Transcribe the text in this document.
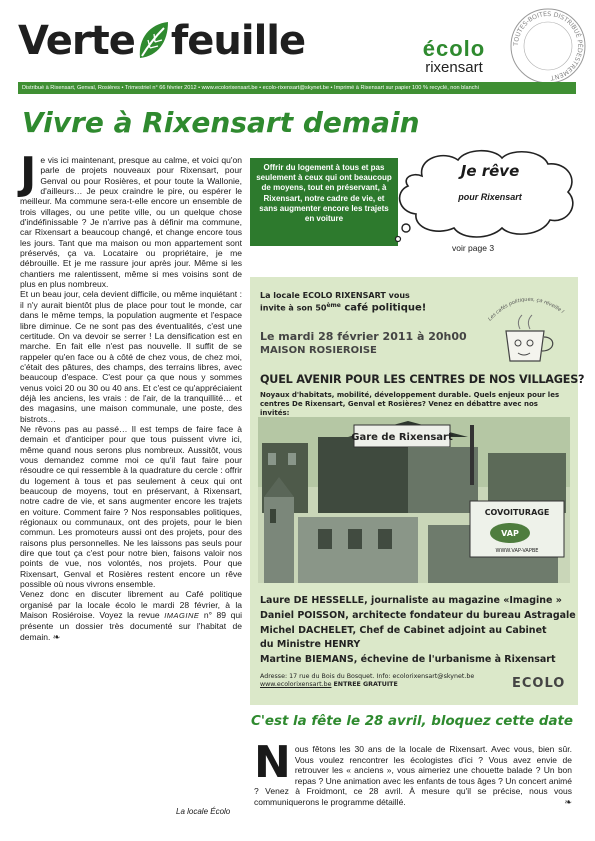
Verte feuille	écolo
rixensart
TOUTES-BOITES DISTRIBUÉ PÉDESTREMENT
Distribué à Rixensart, Genval, Rosières • Trimestriel n° 66 février 2012 • www.ecolorixensart.be • ecolo-rixensart@skynet.be • Imprimé à Rixensart sur papier 100 % recyclé, non blanchi
Vivre à Rixensart demain
J e vis ici maintenant, presque au calme, et voici qu'on parle de projets nouveaux pour Rixensart, pour Genval ou pour Rosières, et pour toute la Wallonie, d'ailleurs… Je peux craindre le pire, ou espérer le meilleur. Ma commune sera-t-elle encore un ensemble de trois villages, ou une petite ville, ou un quelque chose d'indéfinissable ? Je n'arrive pas à définir ma commune, car Rixensart a beaucoup changé, et change encore tous les jours. Tant que ma maison ou mon appartement sont préservés, ça va. Locataire ou propriétaire, je me débrouille. Et je me rassure jour après jour. Même si les chantiers me ralentissent, même si mes voisins sont de plus en plus nombreux.

Et un beau jour, cela devient difficile, ou même inquiétant : il n'y aurait bientôt plus de place pour tout le monde, car dans le même temps, la population augmente et l'espace libre diminue. Ce ne sont pas des éventualités, c'est une certitude. On va devoir se serrer ! La densification est en marche. En fait elle n'est pas nouvelle. Il suffit de se rappeler qu'en face ou à côté de chez vous, de chez moi, c'était des pâtures, des champs, des terrains libres, avec beaucoup d'espace. C'est pour ça que nous y sommes venus voici 20 ou 30 ou 40 ans. Et c'est ce qu'appréciaient déjà les anciens, les vrais : de l'air, de la tranquillité… et des magasins, une maison communale, une poste, des bistrots…

Ne rêvons pas au passé… Il est temps de faire face à demain et d'anticiper pour que tous puissent vivre ici, même quand nous serons plus nombreux. Aussitôt, vous vous demandez comme moi ce qu'il faut faire pour résoudre ce qui ressemble à la quadrature du cercle : offrir du logement à tous et pas seulement à ceux qui ont beaucoup de moyens, tout en préservant, à Rixensart, notre cadre de vie, et sans augmenter encore les trajets en voiture. Comment faire ? Nos responsables politiques, régionaux ou communaux, ont des projets, pour le bien commun. Les promoteurs aussi ont des projets, pour des raisons plus personnelles. Ne les laissons pas seuls pour dire que tout ça c'est pour notre bien, faisons valoir nos points de vue, nos volontés, nos projets. Pour que Rixensart, Genval et Rosières restent encore un rêve possible où nous vivrons ensemble.

Venez donc en discuter librement au Café politique organisé par la locale écolo le mardi 28 février, à la Maison Rosiéroise. Voyez la revue IMAGINE n° 89 qui présente un dossier très documenté sur l'habitat de demain. ❧

La locale Écolo
Offrir du logement à tous et pas seulement à ceux qui ont beaucoup de moyens, tout en préservant, à Rixensart, notre cadre de vie, et sans augmenter encore les trajets en voiture
Je rêve
pour Rixensart
voir page 3
La locale ECOLO RIXENSART vous invite à son 50ème café politique!
Le mardi 28 février 2011 à 20h00
MAISON ROSIEROISE
Les cafés politiques, ça réveille l
QUEL AVENIR POUR LES CENTRES DE NOS VILLAGES?
Noyaux d'habitats, mobilité, développement durable. Quels enjeux pour les centres De Rixensart, Genval et Rosières? Venez en débattre avec nos invités:
Gare de Rixensart
COVOITURAGE
VAP
WWW.VAP-VAPBE
Laure DE HESSELLE, journaliste au magazine «Imagine »
Daniel POISSON, architecte fondateur du bureau Astragale
Michel DACHELET, Chef de Cabinet adjoint au Cabinet
du Ministre HENRY
Martine BIEMANS, échevine de l'urbanisme à Rixensart
Adresse: 17 rue du Bois du Bosquet. Info: ecolorixensart@skynet.be
www.ecolorixensart.be ENTREE GRATUITE	ECOLO
C'est la fête le 28 avril, bloquez cette date
Nous fêtons les 30 ans de la locale de Rixensart. Avec vous, bien sûr. Vous voulez rencontrer les écologistes d'ici ? Vous avez envie de retrouver les « anciens », vous aimeriez une chouette balade ? Un bon repas ? Une animation avec les enfants de tous âges ? Un concert animé ? Venez à Froidmont, ce 28 avril. À mesure qu'il se précise, nous vous communiquerons le programme détaillé.	❧
